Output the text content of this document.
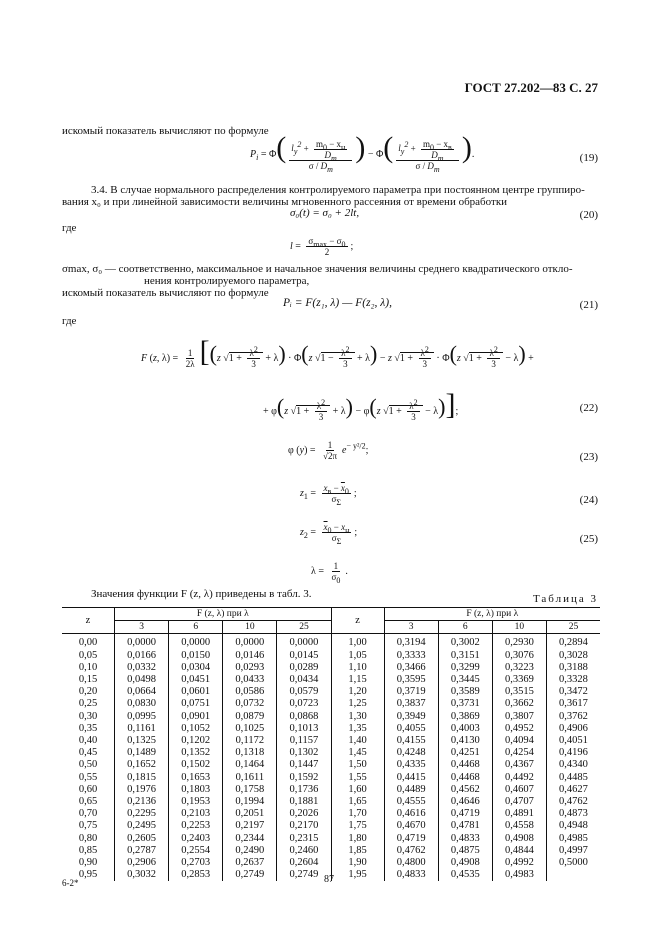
ГОСТ 27.202—83 С. 27
искомый показатель вычисляют по формуле
$P_i = \Phi( \frac{l_y^2 + \frac{m_0 - x_н}{D_m}}{\sigma / D_m}$ ) − $\Phi( \frac{l_y^2 + \frac{m_0 - x_в}{D_m}}{\sigma / D_m}$ ).	(19)
3.4. В случае нормального распределения контролируемого параметра при постоянном центре группиро-
вания x₀ и при линейной зависимости величины мгновенного рассеяния от времени обработки
σ₀(t) = σ₀ + 2lt,	(20)
где
$l = \frac{\sigma_{max} - \sigma_0}{2}$ ;
σmax, σ₀ — соответственно, максимальное и начальное значения величины среднего квадратического откло-
нения контролируемого параметра,
искомый показатель вычисляют по формуле
Pᵢ = F(z₁, λ) — F(z₂, λ),	(21)
где
F (z, $\lambda) = \frac{1}{2\lambda} [(z$ $√1 + \frac{\lambda^2}{3} + \lambda) \cdot \Phi(z$ $√1 - \frac{\lambda^2}{3} + \lambda) - z$ $√1 + \frac{\lambda^2}{3} \cdot \Phi(z$ $√1 + \frac{\lambda^2}{3} - \lambda$) +
+ φ(z $√1 + \frac{\lambda^2}{3} + \lambda) - \varphi(z$ $√1 + \frac{\lambda^2}{3} - \lambda$)];	(22)
φ $(y) = \frac{1}{√2\pi} e^{- y^2/2}$;
(23)
$z_1 = \frac{x_в - \overline{x}_0}{\sigma_\Sigma}$ ;
(24)
$z_2 = \frac{\overline{x}_0 - x_н}{\sigma_\Sigma}$ ;
(25)
$\lambda = \frac{1}{\sigma_0}$ .
Значения функции F (z, λ) приведены в табл. 3.	Таблица 3
z	F (z, λ) при λ				z	F (z, λ) при λ			
	3	6	10	25		3	6	10	25
0,00	0,0000	0,0000	0,0000	0,0000	1,00	0,3194	0,3002	0,2930	0,2894
0,05	0,0166	0,0150	0,0146	0,0145	1,05	0,3333	0,3151	0,3076	0,3028
0,10	0,0332	0,0304	0,0293	0,0289	1,10	0,3466	0,3299	0,3223	0,3188
0,15	0,0498	0,0451	0,0433	0,0434	1,15	0,3595	0,3445	0,3369	0,3328
0,20	0,0664	0,0601	0,0586	0,0579	1,20	0,3719	0,3589	0,3515	0,3472
0,25	0,0830	0,0751	0,0732	0,0723	1,25	0,3837	0,3731	0,3662	0,3617
0,30	0,0995	0,0901	0,0879	0,0868	1,30	0,3949	0,3869	0,3807	0,3762
0,35	0,1161	0,1052	0,1025	0,1013	1,35	0,4055	0,4003	0,4952	0,4906
0,40	0,1325	0,1202	0,1172	0,1157	1,40	0,4155	0,4130	0,4094	0,4051
0,45	0,1489	0,1352	0,1318	0,1302	1,45	0,4248	0,4251	0,4254	0,4196
0,50	0,1652	0,1502	0,1464	0,1447	1,50	0,4335	0,4468	0,4367	0,4340
0,55	0,1815	0,1653	0,1611	0,1592	1,55	0,4415	0,4468	0,4492	0,4485
0,60	0,1976	0,1803	0,1758	0,1736	1,60	0,4489	0,4562	0,4607	0,4627
0,65	0,2136	0,1953	0,1994	0,1881	1,65	0,4555	0,4646	0,4707	0,4762
0,70	0,2295	0,2103	0,2051	0,2026	1,70	0,4616	0,4719	0,4891	0,4873
0,75	0,2495	0,2253	0,2197	0,2170	1,75	0,4670	0,4781	0,4558	0,4948
0,80	0,2605	0,2403	0,2344	0,2315	1,80	0,4719	0,4833	0,4908	0,4985
0,85	0,2787	0,2554	0,2490	0,2460	1,85	0,4762	0,4875	0,4844	0,4997
0,90	0,2906	0,2703	0,2637	0,2604	1,90	0,4800	0,4908	0,4992	0,5000
0,95	0,3032	0,2853	0,2749	0,2749	1,95	0,4833	0,4535	0,4983	
6-2*	87
